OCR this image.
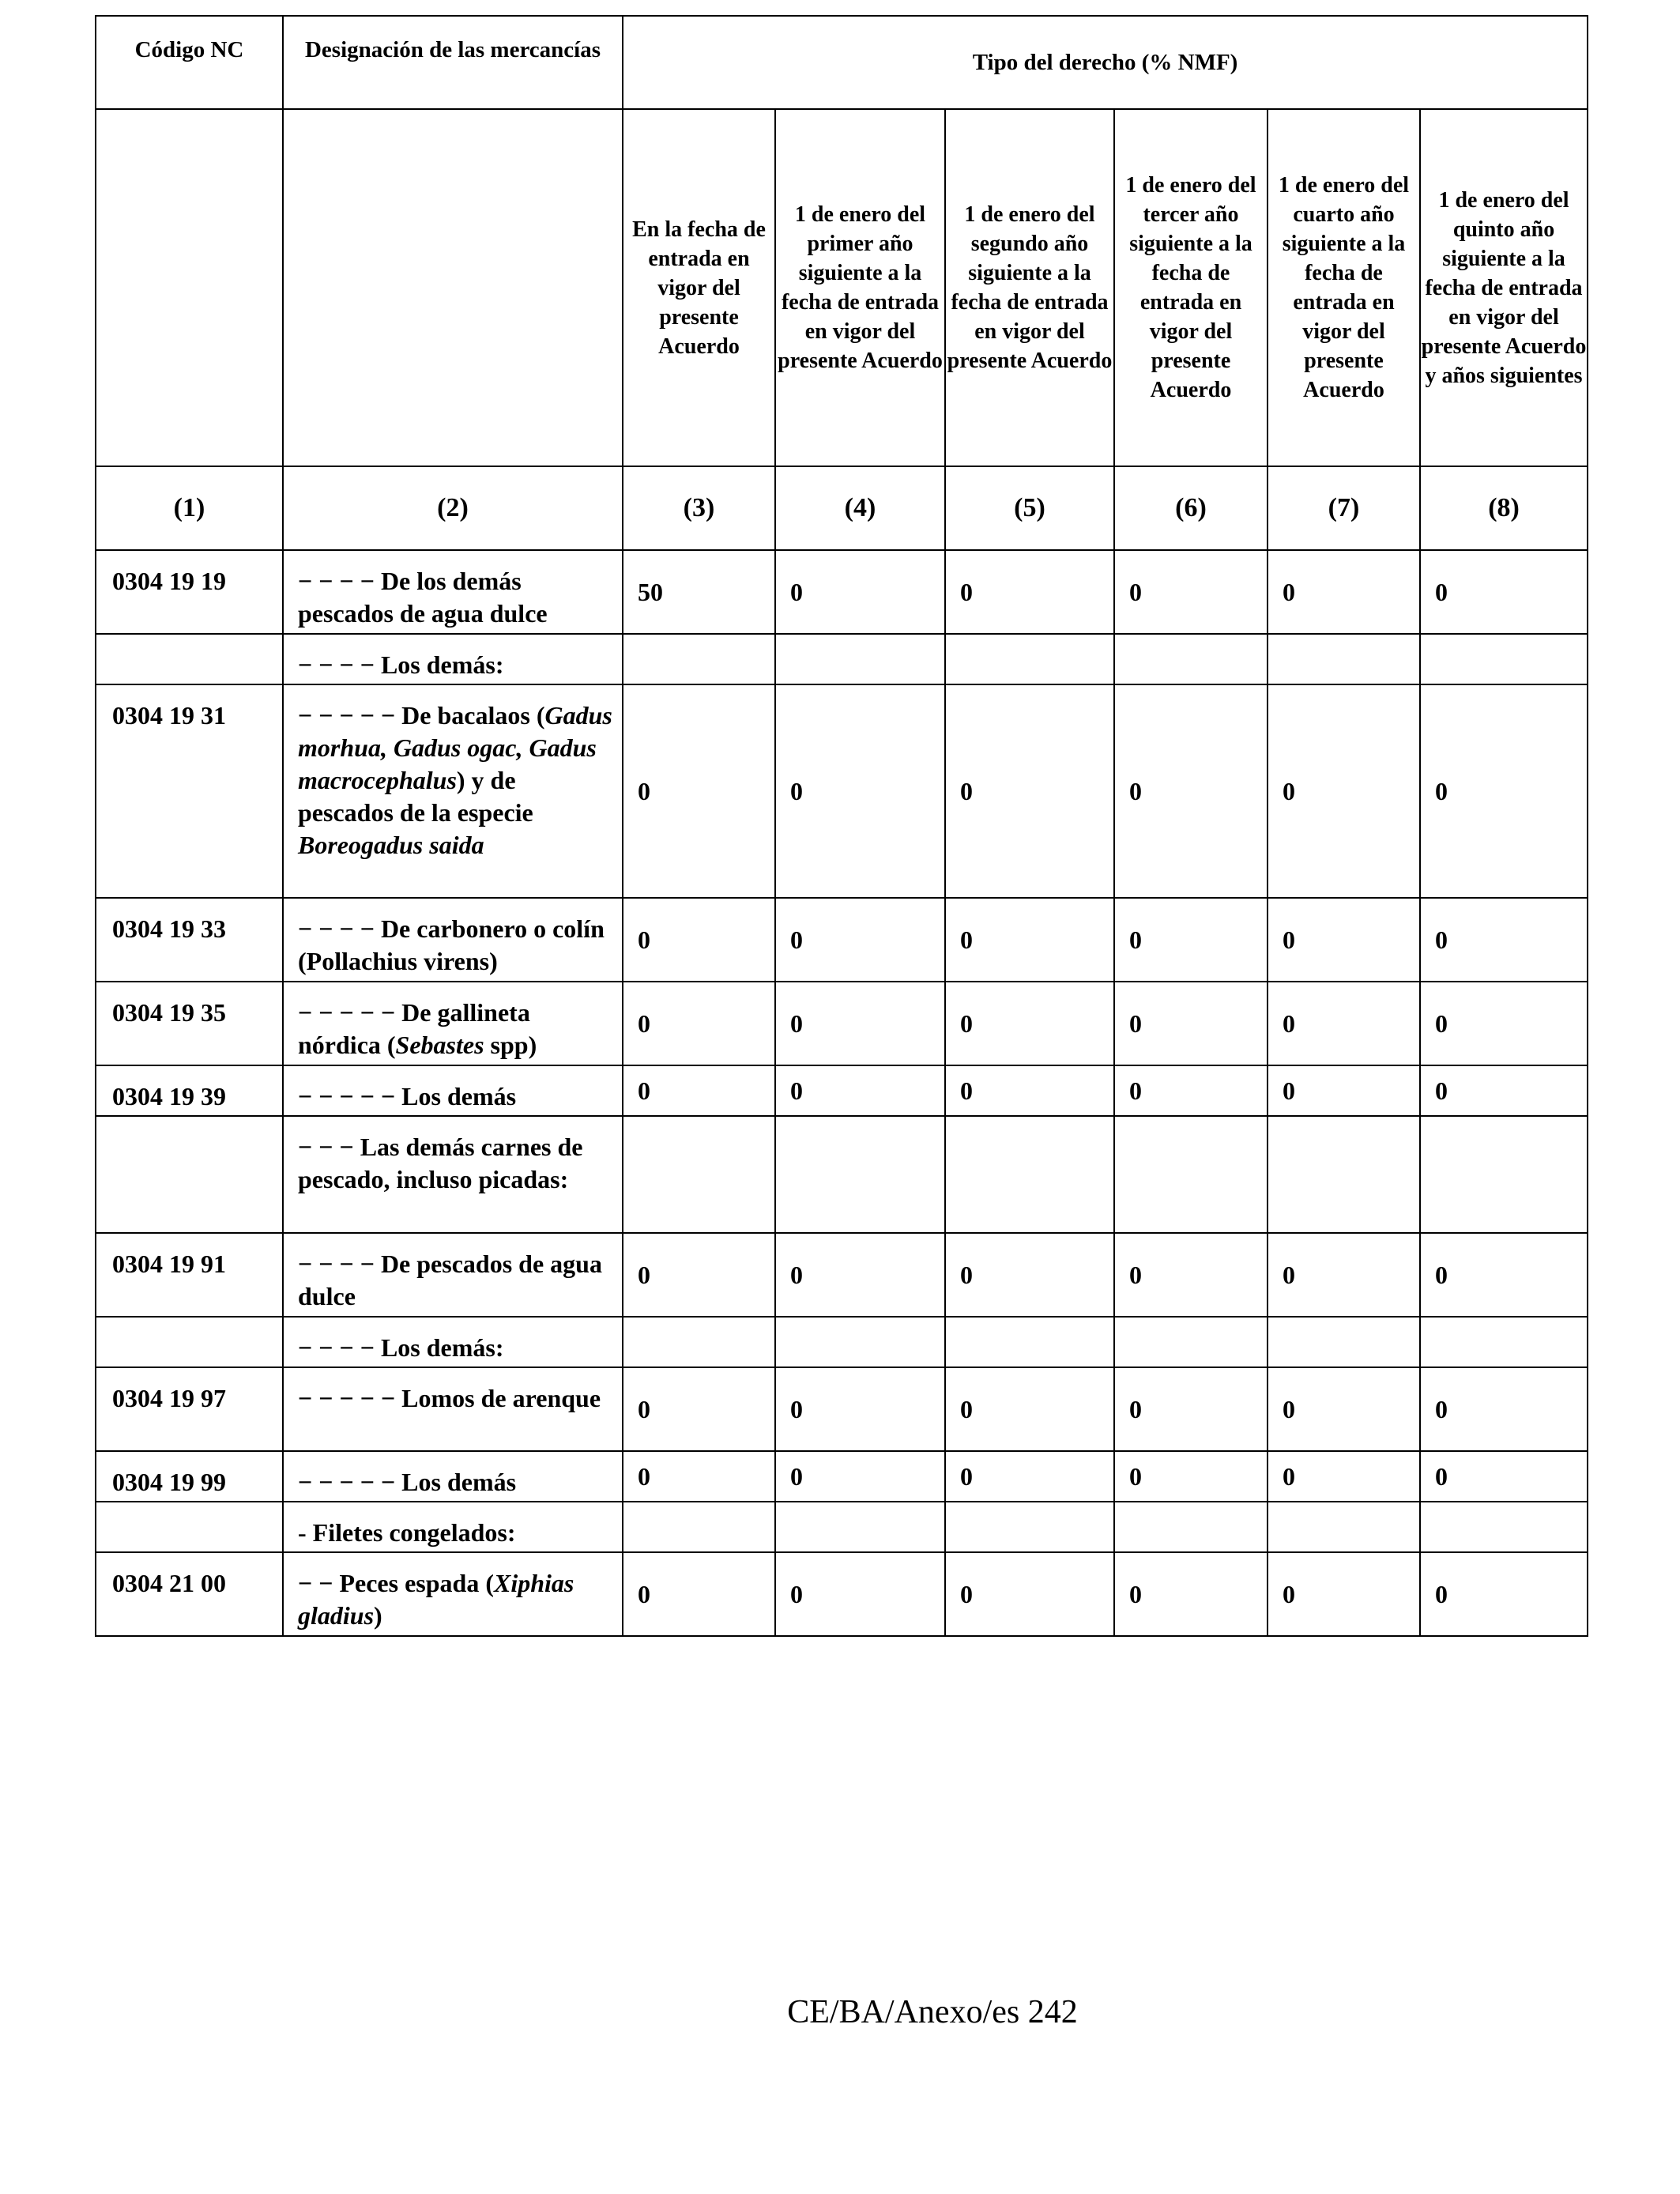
Código NC	Designación de las mercancías	Tipo del derecho (% NMF)					
		En la fecha de entrada en vigor del presente Acuerdo	1 de enero del primer año siguiente a la fecha de entrada en vigor del presente Acuerdo	1 de enero del segundo año siguiente a la fecha de entrada en vigor del presente Acuerdo	1 de enero del tercer año siguiente a la fecha de entrada en vigor del presente Acuerdo	1 de enero del cuarto año siguiente a la fecha de entrada en vigor del presente Acuerdo	1 de enero del quinto año siguiente a la fecha de entrada en vigor del presente Acuerdo y años siguientes
(1)	(2)	(3)	(4)	(5)	(6)	(7)	(8)
0304 19 19	− − − − De los demás pescados de agua dulce	50	0	0	0	0	0
	− − − − Los demás:						
0304 19 31	− − − − − De bacalaos (Gadus morhua, Gadus ogac, Gadus macrocephalus) y de pescados de la especie Boreogadus saida	0	0	0	0	0	0
0304 19 33	− − − − De carbonero o colín (Pollachius virens)	0	0	0	0	0	0
0304 19 35	− − − − − De gallineta nórdica (Sebastes spp)	0	0	0	0	0	0
0304 19 39	− − − − − Los demás	0	0	0	0	0	0
	− − − Las demás carnes de pescado, incluso picadas:						
0304 19 91	− − − − De pescados de agua dulce	0	0	0	0	0	0
	− − − − Los demás:						
0304 19 97	− − − − − Lomos de arenque	0	0	0	0	0	0
0304 19 99	− − − − − Los demás	0	0	0	0	0	0
	- Filetes congelados:						
0304 21 00	− − Peces espada (Xiphias gladius)	0	0	0	0	0	0
CE/BA/Anexo/es 242
